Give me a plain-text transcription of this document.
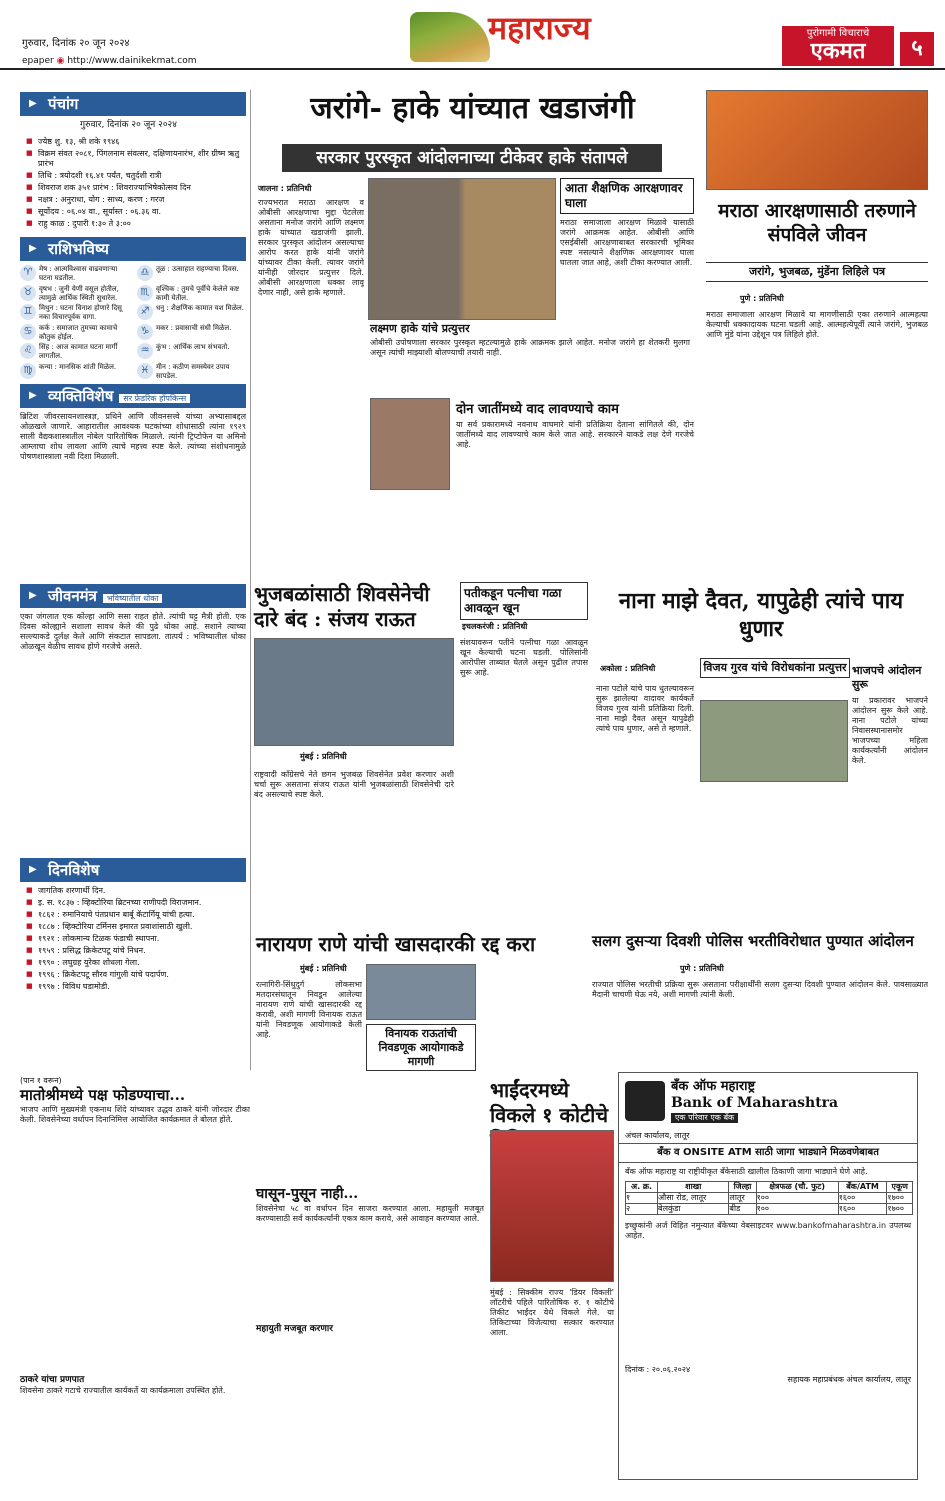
गुरुवार, दिनांक २० जून २०२४
epaper ◉ http://www.dainikekmat.com
महाराज्य	पुरोगामी विचाराचे
एकमत	५
▶ पंचांग
गुरुवार, दिनांक २० जून २०२४
■ ज्येष्ठ शु. १३, श्री शके १९४६
■ विक्रम संवत २०८१, पिंगलनाम संवत्सर, दक्षिणायनारंभ, शीर ग्रीष्म ऋतु प्रारंभ
■ तिथि : त्रयोदशी १६.४१ पर्यंत, चतुर्दशी रात्री
■ शिवराज शक ३५१ प्रारंभ : शिवराज्याभिषेकोत्सव दिन
■ नक्षत्र : अनुराधा, योग : साध्य, करण : गरज
■ सूर्योदय : ०६.०४ वा., सूर्यास्त : ०६.३६ वा.
■ राहु काळ : दुपारी १:३० ते ३:००
▶ राशिभविष्य
♈ मेष : आत्मविश्वास वाढवणाऱ्या घटना घडतील.	♎ तूळ : उत्साहात राहण्याचा दिवस.
♉ वृषभ : जुनी येणी वसूल होतील, त्यामुळे आर्थिक स्थिती सुधारेल.	♏ वृश्चिक : तुमचे पूर्वीचे केलेले कष्ट कामी येतील.
♊ मिथुन : घटना विनाश होणारे दिसू नका विचारपूर्वक वागा.	♐ धनु : शैक्षणिक कामात यश मिळेल.
♋ कर्क : समाजात तुमच्या कामाचे कौतुक होईल.	♑ मकर : प्रवासाची संधी मिळेल.
♌ सिंह : आज कामात घटना मार्गी लागतील.	♒ कुंभ : आर्थिक लाभ संभवतो.
♍ कन्या : मानसिक शांती मिळेल.	♓ मीन : कठीण समस्येवर उपाय सापडेल.
▶ व्यक्तिविशेष सर फ्रेडरिक हॉपकिन्स

ब्रिटिश जीवरसायनशास्त्रज्ञ, प्रथिने आणि जीवनसत्त्वे यांच्या अभ्यासाबद्दल ओळखले जाणारे. आहारातील आवश्यक घटकांच्या शोधासाठी त्यांना १९२९ साली वैद्यकशास्त्रातील नोबेल पारितोषिक मिळाले. त्यांनी ट्रिप्टोफेन या अमिनो आम्लाचा शोध लावला आणि त्याचे महत्त्व स्पष्ट केले. त्यांच्या संशोधनामुळे पोषणशास्त्राला नवी दिशा मिळाली.

▶ जीवनमंत्र भविष्यातील धोका

एका जंगलात एक कोल्हा आणि ससा राहत होते. त्यांची घट्ट मैत्री होती. एक दिवस कोल्ह्याने सशाला सावध केले की पुढे धोका आहे. सशाने त्याच्या सल्ल्याकडे दुर्लक्ष केले आणि संकटात सापडला. तात्पर्य : भविष्यातील धोका ओळखून वेळीच सावध होणे गरजेचे असते.

▶ दिनविशेष
■ जागतिक शरणार्थी दिन.
■ इ. स. १८३७ : व्हिक्टोरिया ब्रिटनच्या राणीपदी विराजमान.
■ १८६२ : रुमानियाचे पंतप्रधान बार्बू कॅटार्गियू यांची हत्या.
■ १८८७ : व्हिक्टोरिया टर्मिनस इमारत प्रवाशांसाठी खुली.
■ १९२१ : लोकमान्य टिळक फंडाची स्थापना.
■ १९५९ : प्रसिद्ध क्रिकेटपटू यांचे निधन.
■ १९९० : लघुग्रह युरेका शोधला गेला.
■ १९९६ : क्रिकेटपटू सौरव गांगुली यांचे पदार्पण.
■ १९९७ : विविध घडामोडी.
जरांगे- हाके यांच्यात खडाजंगी
सरकार पुरस्कृत आंदोलनाच्या टीकेवर हाके संतापले
जालना : प्रतिनिधी

राज्यभरात मराठा आरक्षण व ओबीसी आरक्षणाचा मुद्दा पेटलेला असताना मनोज जरांगे आणि लक्ष्मण हाके यांच्यात खडाजंगी झाली. सरकार पुरस्कृत आंदोलन असल्याचा आरोप करत हाके यांनी जरांगे यांच्यावर टीका केली. त्यावर जरांगे यांनीही जोरदार प्रत्युत्तर दिले. ओबीसी आरक्षणाला धक्का लावू देणार नाही, असे हाके म्हणाले.

लक्ष्मण हाके यांचे प्रत्युत्तर

ओबीसी उपोषणाला सरकार पुरस्कृत म्हटल्यामुळे हाके आक्रमक झाले आहेत. मनोज जरांगे हा शेतकरी मुलगा असून त्यांची माझ्याशी बोलण्याची तयारी नाही.

आता शैक्षणिक आरक्षणावर घाला

मराठा समाजाला आरक्षण मिळावे यासाठी जरांगे आक्रमक आहेत. ओबीसी आणि एसईबीसी आरक्षणाबाबत सरकारची भूमिका स्पष्ट नसल्याने शैक्षणिक आरक्षणावर घाला घातला जात आहे, अशी टीका करण्यात आली.

दोन जातींमध्ये वाद लावण्याचे काम

या सर्व प्रकारामध्ये नवनाथ वाघमारे यांनी प्रतिक्रिया देताना सांगितले की, दोन जातींमध्ये वाद लावण्याचे काम केले जात आहे. सरकारने याकडे लक्ष देणे गरजेचे आहे.

मराठा आरक्षणासाठी तरुणाने संपविले जीवन
जरांगे, भुजबळ, मुंडेंना लिहिले पत्र
पुणे : प्रतिनिधी

मराठा समाजाला आरक्षण मिळावे या मागणीसाठी एका तरुणाने आत्महत्या केल्याची धक्कादायक घटना घडली आहे. आत्महत्येपूर्वी त्याने जरांगे, भुजबळ आणि मुंडे यांना उद्देशून पत्र लिहिले होते.

भुजबळांसाठी शिवसेनेची दारे बंद : संजय राऊत
मुंबई : प्रतिनिधी

राष्ट्रवादी काँग्रेसचे नेते छगन भुजबळ शिवसेनेत प्रवेश करणार अशी चर्चा सुरू असताना संजय राऊत यांनी भुजबळांसाठी शिवसेनेची दारे बंद असल्याचे स्पष्ट केले.

पतीकडून पत्नीचा गळा आवळून खून
इचलकरंजी : प्रतिनिधी

संशयावरून पतीने पत्नीचा गळा आवळून खून केल्याची घटना घडली. पोलिसांनी आरोपीस ताब्यात घेतले असून पुढील तपास सुरू आहे.

नाना माझे दैवत, यापुढेही त्यांचे पाय धुणार
अकोला : प्रतिनिधी	विजय गुरव यांचे विरोधकांना प्रत्युत्तर

नाना पटोले यांचे पाय धुतल्यावरून सुरू झालेल्या वादावर कार्यकर्ते विजय गुरव यांनी प्रतिक्रिया दिली. नाना माझे दैवत असून यापुढेही त्यांचे पाय धुणार, असे ते म्हणाले.

भाजपचे आंदोलन सुरू

या प्रकारावर भाजपने आंदोलन सुरू केले आहे. नाना पटोले यांच्या निवासस्थानासमोर भाजपच्या महिला कार्यकर्त्यांनी आंदोलन केले.

नारायण राणे यांची खासदारकी रद्द करा
मुंबई : प्रतिनिधी

रत्नागिरी-सिंधुदुर्ग लोकसभा मतदारसंघातून निवडून आलेल्या नारायण राणे यांची खासदारकी रद्द करावी, अशी मागणी विनायक राऊत यांनी निवडणूक आयोगाकडे केली आहे.	विनायक राऊतांची निवडणूक आयोगाकडे मागणी
सलग दुसऱ्या दिवशी पोलिस भरतीविरोधात पुण्यात आंदोलन
पुणे : प्रतिनिधी

राज्यात पोलिस भरतीची प्रक्रिया सुरू असताना परीक्षार्थींनी सलग दुसऱ्या दिवशी पुण्यात आंदोलन केले. पावसाळ्यात मैदानी चाचणी घेऊ नये, अशी मागणी त्यांनी केली.

बँक ऑफ महाराष्ट्र
Bank of Maharashtra
एक परिवार एक बँक
अंचल कार्यालय, लातूर
बँक व ONSITE ATM साठी जागा भाड्याने मिळवणेबाबत

बँक ऑफ महाराष्ट्र या राष्ट्रीयीकृत बँकेसाठी खालील ठिकाणी जागा भाड्याने घेणे आहे.

अ. क्र.	शाखा	जिल्हा	क्षेत्रफळ (चौ. फुट)	बँक/ATM	एकूण
१	औसा रोड, लातूर	लातूर	१००	१६००	१७००
२	बेलकुंडा	बीड	१००	१६००	१७००

इच्छुकांनी अर्ज विहित नमुन्यात बँकेच्या वेबसाइटवर www.bankofmaharashtra.in उपलब्ध आहेत.

दिनांक : २०.०६.२०२४
सहायक महाप्रबंधक अंचल कार्यालय, लातूर
(पान १ वरून)
मातोश्रीमध्ये पक्ष फोडण्याचा...

भाजप आणि मुख्यमंत्री एकनाथ शिंदे यांच्यावर उद्धव ठाकरे यांनी जोरदार टीका केली. शिवसेनेच्या वर्धापन दिनानिमित्त आयोजित कार्यक्रमात ते बोलत होते.

ठाकरे यांचा प्रणपात

शिवसेना ठाकरे गटाचे राज्यातील कार्यकर्ते या कार्यक्रमाला उपस्थित होते.

घासून-पुसून नाही...

शिवसेनेचा ५८ वा वर्धापन दिन साजरा करण्यात आला. महायुती मजबूत करण्यासाठी सर्व कार्यकर्त्यांनी एकत्र काम करावे, असे आवाहन करण्यात आले.

महायुती मजबूत करणार
भाईंदरमध्ये विकले १ कोटीचे

मुंबई : सिक्कीम राज्य 'डियर विकली' लॉटरीचे पहिले पारितोषिक रु. १ कोटीचे तिकीट भाईंदर येथे विकले गेले. या तिकिटाच्या विजेत्याचा सत्कार करण्यात आला.
